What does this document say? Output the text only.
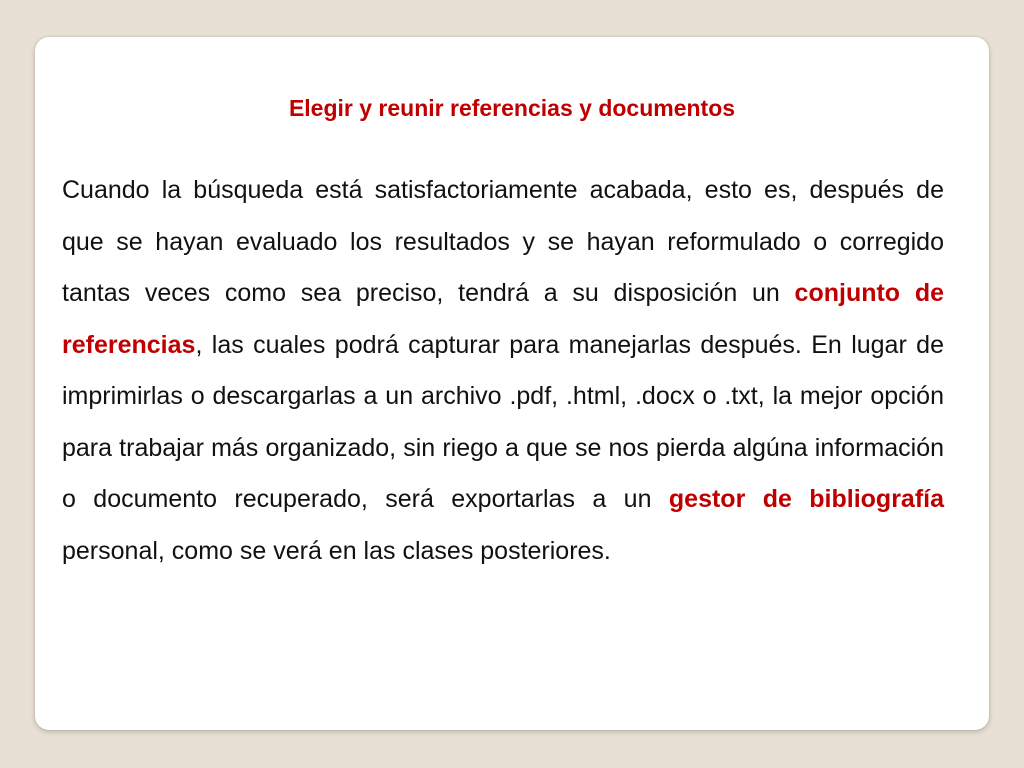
Elegir y reunir referencias y documentos

Cuando la búsqueda está satisfactoriamente acabada, esto es, después de que se hayan evaluado los resultados y se hayan reformulado o corregido tantas veces como sea preciso, tendrá a su disposición un conjunto de referencias, las cuales podrá capturar para manejarlas después. En lugar de imprimirlas o descargarlas a un archivo .pdf, .html, .docx o .txt, la mejor opción para trabajar más organizado, sin riego a que se nos pierda algúna información o documento recuperado, será exportarlas a un gestor de bibliografía personal, como se verá en las clases posteriores.
